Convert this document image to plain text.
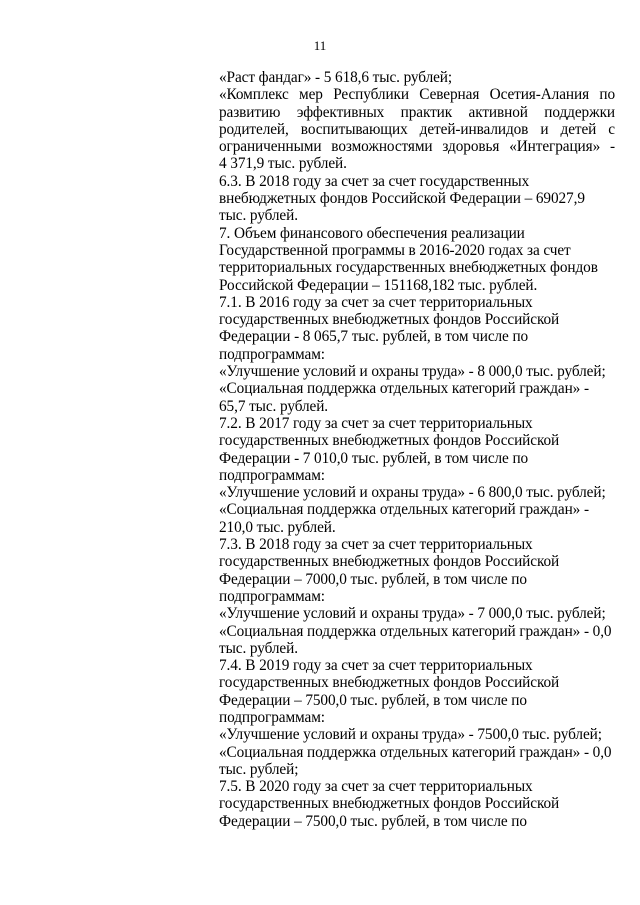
11
«Раст фандаг» - 5 618,6 тыс. рублей;
«Комплекс мер Республики Северная Осетия-Алания по
развитию эффективных практик активной поддержки
родителей, воспитывающих детей-инвалидов и детей с
ограниченными возможностями здоровья «Интеграция» -
4 371,9 тыс. рублей.
6.3. В 2018 году за счет за счет государственных
внебюджетных фондов Российской Федерации – 69027,9
тыс. рублей.
7. Объем финансового обеспечения реализации
Государственной программы в 2016-2020 годах за счет
территориальных государственных внебюджетных фондов
Российской Федерации – 151168,182 тыс. рублей.
7.1. В 2016 году за счет за счет территориальных
государственных внебюджетных фондов Российской
Федерации - 8 065,7 тыс. рублей, в том числе по
подпрограммам:
«Улучшение условий и охраны труда» - 8 000,0 тыс. рублей;
«Социальная поддержка отдельных категорий граждан» -
65,7 тыс. рублей.
7.2. В 2017 году за счет за счет территориальных
государственных внебюджетных фондов Российской
Федерации - 7 010,0 тыс. рублей, в том числе по
подпрограммам:
«Улучшение условий и охраны труда» - 6 800,0 тыс. рублей;
«Социальная поддержка отдельных категорий граждан» -
210,0 тыс. рублей.
7.3. В 2018 году за счет за счет территориальных
государственных внебюджетных фондов Российской
Федерации – 7000,0 тыс. рублей, в том числе по
подпрограммам:
«Улучшение условий и охраны труда» - 7 000,0 тыс. рублей;
«Социальная поддержка отдельных категорий граждан» - 0,0
тыс. рублей.
7.4. В 2019 году за счет за счет территориальных
государственных внебюджетных фондов Российской
Федерации – 7500,0 тыс. рублей, в том числе по
подпрограммам:
«Улучшение условий и охраны труда» - 7500,0 тыс. рублей;
«Социальная поддержка отдельных категорий граждан» - 0,0
тыс. рублей;
7.5. В 2020 году за счет за счет территориальных
государственных внебюджетных фондов Российской
Федерации – 7500,0 тыс. рублей, в том числе по
